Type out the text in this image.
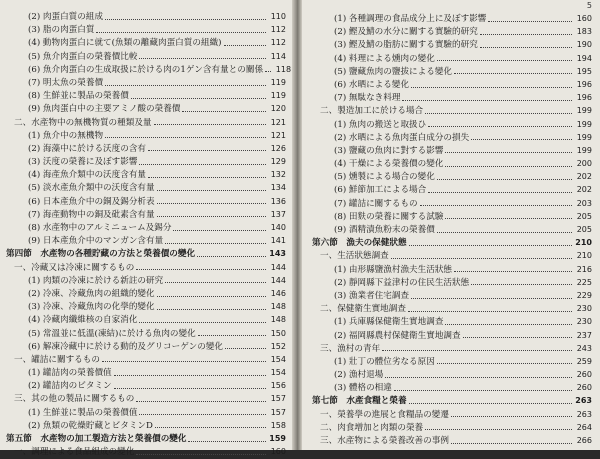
(2) 肉蛋白質の組成	110
(3) 脂の肉蛋白質	112
(4) 動物肉蛋白に就て(魚類の離藏肉蛋白質の組織)	112
(5) 魚介肉蛋白の榮養價比較	114
(6) 魚介肉蛋白の生成取扱に於ける肉の1ゲン含有量との關係	118
(7) 明太魚の榮養價	119
(8) 生鮮並に製品の榮養價	119
(9) 魚肉蛋白中の主要アミノ酸の榮養價	120
二、水產物中の無機物質の種類及量	121
(1) 魚介中の無機物	121
(2) 海藻中に於ける沃度の含有	126
(3) 沃度の榮養に及ぼす影響	129
(4) 海產魚介類中の沃度含有量	132
(5) 淡水產魚介類中の沃度含有量	134
(6) 日本產魚介中の銅及錫分析表	136
(7) 海產動物中の銅及砒素含有量	137
(8) 水產物中のアルミニューム及錫分	140
(9) 日本產魚介中のマンガン含有量	141
第四節　水產物の各種貯藏の方法と榮養價の變化	143
一、冷藏又は冷凍に關するもの	144
(1) 肉類の冷凍に於ける新註の研究	144
(2) 冷凍、冷藏魚肉の組織的變化	146
(3) 冷凍、冷藏魚肉の化學的變化	148
(4) 冷藏肉纖維核の自家消化	148
(5) 常溫並に低溫(凍結)に於ける魚肉の變化	150
(6) 解凍冷藏中に於ける動的及グリコーゲンの變化	152
一、罐詰に關するもの	154
(1) 罐詰肉の榮養價值	154
(2) 罐詰肉のビタミン	156
三、其の他の製品に關するもの	157
(1) 生鮮並に製品の榮養價值	157
(2) 魚類の乾燥貯藏とビタミンD	158
第五節　水產物の加工製造方法と榮養價の變化	159
一、調理による食品組成の變化	160
5
(1) 各種調理の食品成分上に及ぼす影響	160
(2) 鰹及鯖の水分に關する實驗的研究	183
(3) 鰹及鯖の脂肪に關する實驗的研究	190
(4) 料理による燻肉の變化	194
(5) 鹽藏魚肉の鹽拔による變化	195
(6) 水晒による變化	196
(7) 無駄なき料理	196
二、製造加工に於ける場合	199
(1) 魚肉の搬送と取扱ひ	199
(2) 水晒による魚肉蛋白成分の損失	199
(3) 鹽藏の魚肉に對する影響	199
(4) 干燥による榮養價の變化	200
(5) 燻製による場合の變化	202
(6) 鮮節加工による場合	202
(7) 罐詰に關するもの	203
(8) 田麩の榮養に關する試驗	205
(9) 酒精漬魚粉末の榮養價	205
第六節　漁夫の保健狀態	210
一、生活狀態調查	210
(1) 由形縣鹽漁村漁夫生活狀態	216
(2) 靜岡縣下益津村の住民生活狀態	225
(3) 漁業者住宅調查	229
二、保健衛生實地調查	230
(1) 兵庫縣保健衛生實地調查	230
(2) 福岡縣農村保健衛生實地調查	237
三、漁村の青年	243
(1) 壯丁の體位劣なる原因	259
(2) 漁村退場	260
(3) 體格の相違	260
第七節　水產食糧と榮養	263
一、榮養學の進展と食糧品の變遷	263
二、肉食増加と肉類の榮養	264
三、水產物による榮養改善の事例	266
